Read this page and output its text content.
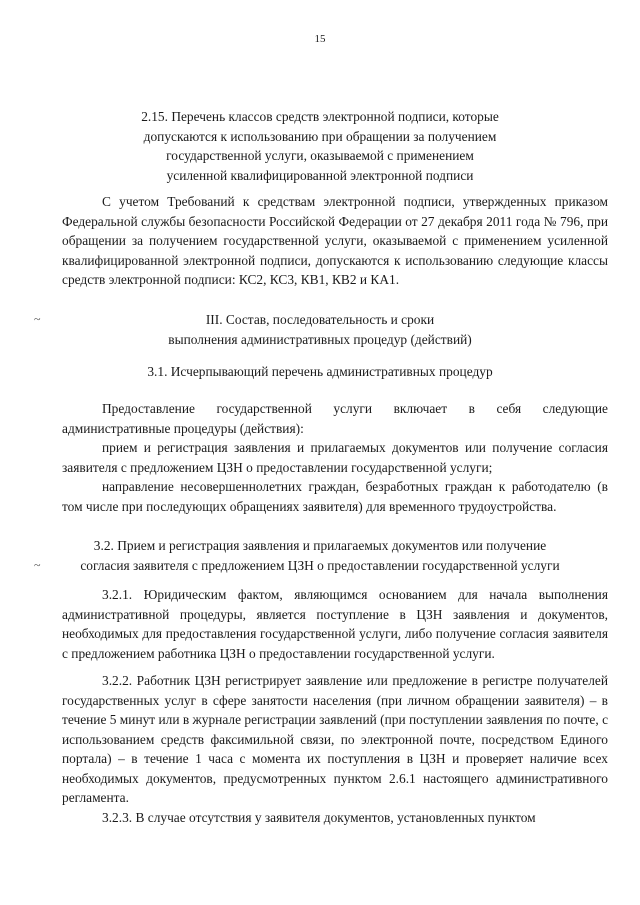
15
2.15. Перечень классов средств электронной подписи, которые
допускаются к использованию при обращении за получением
государственной услуги, оказываемой с применением
усиленной квалифицированной электронной подписи
С учетом Требований к средствам электронной подписи, утвержденных приказом Федеральной службы безопасности Российской Федерации от 27 декабря 2011 года № 796, при обращении за получением государственной услуги, оказываемой с применением усиленной квалифицированной электронной подписи, допускаются к использованию следующие классы средств электронной подписи: КС2, КС3, КВ1, КВ2 и КА1.
~	III. Состав, последовательность и сроки
выполнения административных процедур (действий)
3.1. Исчерпывающий перечень административных процедур
Предоставление государственной услуги включает в себя следующие административные процедуры (действия):
прием и регистрация заявления и прилагаемых документов или получение согласия заявителя с предложением ЦЗН о предоставлении государственной услуги;
направление несовершеннолетних граждан, безработных граждан к работодателю (в том числе при последующих обращениях заявителя) для временного трудоустройства.
~
3.2. Прием и регистрация заявления и прилагаемых документов или получение
согласия заявителя с предложением ЦЗН о предоставлении государственной услуги
3.2.1. Юридическим фактом, являющимся основанием для начала выполнения административной процедуры, является поступление в ЦЗН заявления и документов, необходимых для предоставления государственной услуги, либо получение согласия заявителя с предложением работника ЦЗН о предоставлении государственной услуги.
3.2.2. Работник ЦЗН регистрирует заявление или предложение в регистре получателей государственных услуг в сфере занятости населения (при личном обращении заявителя) – в течение 5 минут или в журнале регистрации заявлений (при поступлении заявления по почте, с использованием средств факсимильной связи, по электронной почте, посредством Единого портала) – в течение 1 часа с момента их поступления в ЦЗН и проверяет наличие всех необходимых документов, предусмотренных пунктом 2.6.1 настоящего административного регламента.
3.2.3. В случае отсутствия у заявителя документов, установленных пунктом
